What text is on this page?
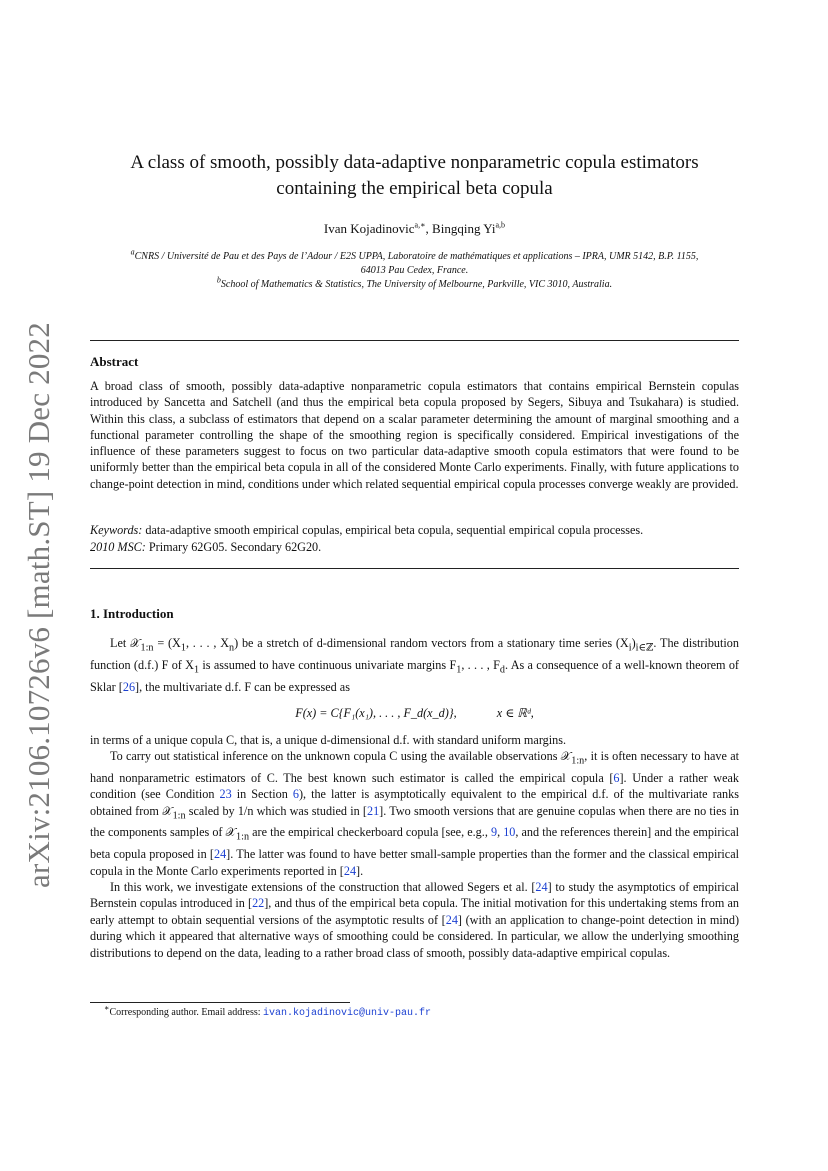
arXiv:2106.10726v6 [math.ST] 19 Dec 2022
A class of smooth, possibly data-adaptive nonparametric copula estimators
containing the empirical beta copula
Ivan Kojadinovic$^{a,∗}$, Bingqing Yi$^{a,b}$
$^a$CNRS / Université de Pau et des Pays de l’Adour / E2S UPPA, Laboratoire de mathématiques et applications – IPRA, UMR 5142, B.P. 1155,
64013 Pau Cedex, France.
$^b$School of Mathematics & Statistics, The University of Melbourne, Parkville, VIC 3010, Australia.
Abstract
A broad class of smooth, possibly data-adaptive nonparametric copula estimators that contains empirical Bernstein copulas introduced by Sancetta and Satchell (and thus the empirical beta copula proposed by Segers, Sibuya and Tsukahara) is studied. Within this class, a subclass of estimators that depend on a scalar parameter determining the amount of marginal smoothing and a functional parameter controlling the shape of the smoothing region is specifically considered. Empirical investigations of the influence of these parameters suggest to focus on two particular data-adaptive smooth copula estimators that were found to be uniformly better than the empirical beta copula in all of the considered Monte Carlo experiments. Finally, with future applications to change-point detection in mind, conditions under which related sequential empirical copula processes converge weakly are provided.
Keywords: data-adaptive smooth empirical copulas, empirical beta copula, sequential empirical copula processes.
2010 MSC: Primary 62G05. Secondary 62G20.
1. Introduction

Let 𝒳$_{1:n}$ = ($X_1$, . . . , $X_n$) be a stretch of d-dimensional random vectors from a stationary time series $(X_i)_{i\in ℤ}$. The distribution function (d.f.) F of $X_1$ is assumed to have continuous univariate margins $F_1$, . . . , $F_d$. As a consequence of a well-known theorem of Sklar [26], the multivariate d.f. F can be expressed as

F(x) = C{F₁(x₁), . . . , F_d(x_d)},	x ∈ ℝᵈ,

in terms of a unique copula C, that is, a unique d-dimensional d.f. with standard uniform margins.

To carry out statistical inference on the unknown copula C using the available observations 𝒳$_{1:n}$, it is often necessary to have at hand nonparametric estimators of C. The best known such estimator is called the empirical copula [6]. Under a rather weak condition (see Condition 23 in Section 6), the latter is asymptotically equivalent to the empirical d.f. of the multivariate ranks obtained from 𝒳$_{1:n}$ scaled by 1/n which was studied in [21]. Two smooth versions that are genuine copulas when there are no ties in the components samples of 𝒳$_{1:n}$ are the empirical checkerboard copula [see, e.g., 9, 10, and the references therein] and the empirical beta copula proposed in [24]. The latter was found to have better small-sample properties than the former and the classical empirical copula in the Monte Carlo experiments reported in [24].

In this work, we investigate extensions of the construction that allowed Segers et al. [24] to study the asymptotics of empirical Bernstein copulas introduced in [22], and thus of the empirical beta copula. The initial motivation for this undertaking stems from an early attempt to obtain sequential versions of the asymptotic results of [24] (with an application to change-point detection in mind) during which it appeared that alternative ways of smoothing could be considered. In particular, we allow the underlying smoothing distributions to depend on the data, leading to a rather broad class of smooth, possibly data-adaptive empirical copulas.

∗Corresponding author. Email address: ivan.kojadinovic@univ-pau.fr
